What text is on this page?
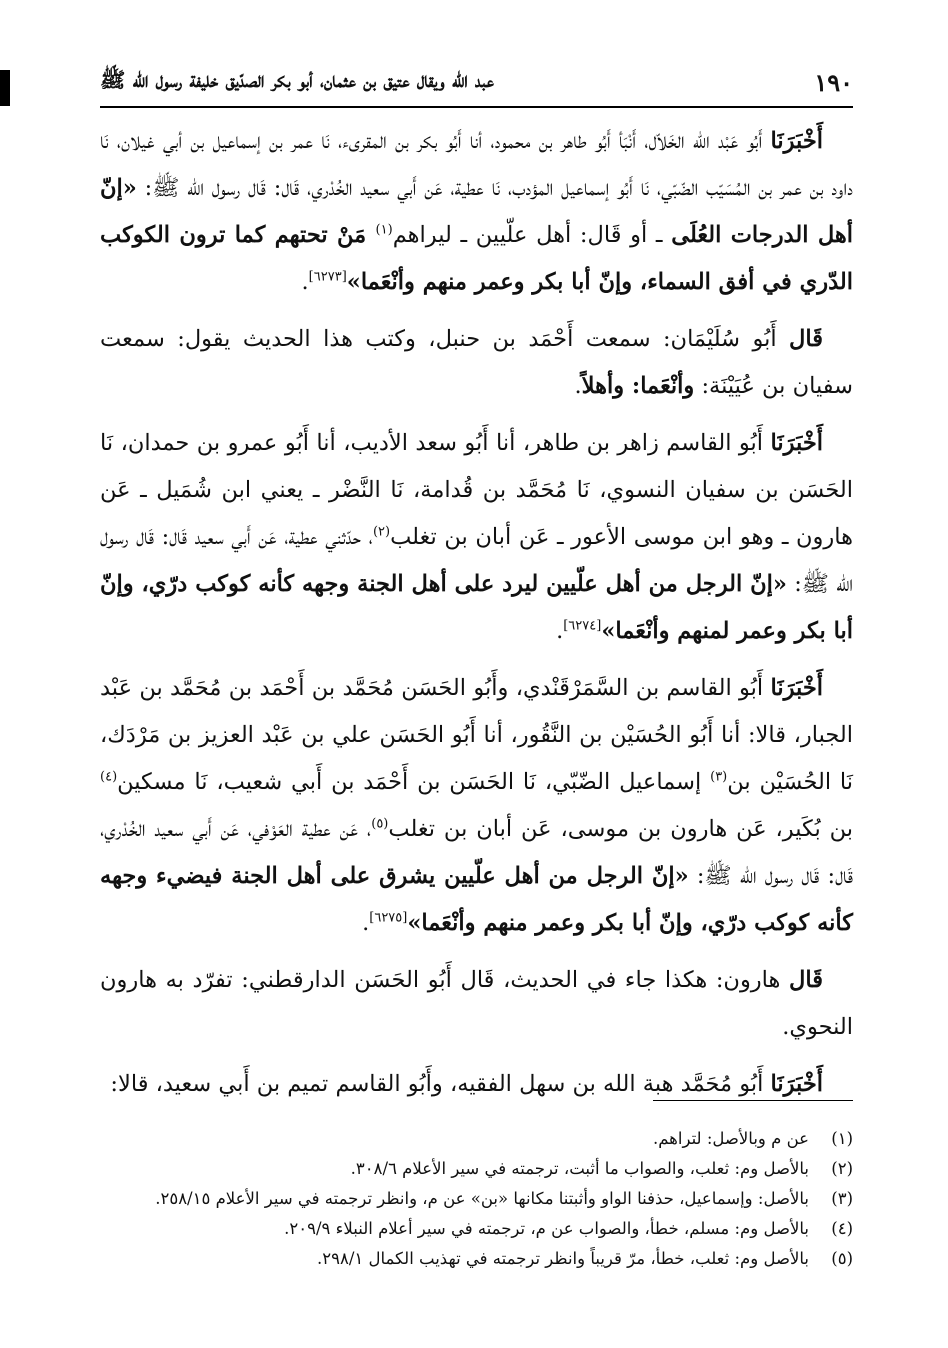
١٩٠
عبد الله ويقال عتيق بن عثمان، أبو بكر الصدّيق خليفة رسول الله ﷺ

أَخْبَرَنَا أَبُو عَبْد الله الخَلاّل، أَنْبَأ أَبُو طاهر بن محمود، أنا أَبُو بكر بن المقرىء، نَا عمر بن إسماعيل بن أبي غيلان، نَا داود بن عمر بن المُسَيّب الضّبّي، نَا أَبُو إسماعيل المؤدب، نَا عطية، عَن أَبي سعيد الخُدْري، قَال: قَال رسول الله ﷺ: «إنّ أهل الدرجات العُلَى ـ أو قَال: أهل علّيين ـ ليراهم$^{(١)}$ مَنْ تحتهم كما ترون الكوكب الدّري في أفق السماء، وإنّ أبا بكر وعمر منهم وأنْعَما»[٦٢٧٣].

قَال أَبُو سُلَيْمَان: سمعت أَحْمَد بن حنبل، وكتب هذا الحديث يقول: سمعت سفيان بن عُيَيْنَة: وأنْعَما: وأهلاً.

أَخْبَرَنَا أَبُو القاسم زاهر بن طاهر، أنا أَبُو سعد الأديب، أنا أَبُو عمرو بن حمدان، نَا الحَسَن بن سفيان النسوي، نَا مُحَمَّد بن قُدامة، نَا النَّضْر ـ يعني ابن شُمَيل ـ عَن هارون ـ وهو ابن موسى الأعور ـ عَن أبان بن تغلب$^{(٢)}$، حدّثني عطية، عَن أَبي سعيد قَال: قَال رسول الله ﷺ: «إنّ الرجل من أهل علّيين ليرد على أهل الجنة وجهه كأنه كوكب درّي، وإنّ أبا بكر وعمر لمنهم وأنْعَما»[٦٢٧٤].

أَخْبَرَنَا أَبُو القاسم بن السَّمَرْقَنْدي، وأَبُو الحَسَن مُحَمَّد بن أَحْمَد بن مُحَمَّد بن عَبْد الجبار، قالا: أنا أَبُو الحُسَيْن بن النَّقُور، أنا أَبُو الحَسَن علي بن عَبْد العزيز بن مَرْدَك، نَا الحُسَيْن بن$^{(٣)}$ إسماعيل الضّبّي، نَا الحَسَن بن أَحْمَد بن أَبي شعيب، نَا مسكين$^{(٤)}$ بن بُكَير، عَن هارون بن موسى، عَن أبان بن تغلب$^{(٥)}$، عَن عطية العَوْفي، عَن أَبي سعيد الخُدْري، قَال: قَال رسول الله ﷺ: «إنّ الرجل من أهل علّيين يشرق على أهل الجنة فيضيء وجهه كأنه كوكب درّي، وإنّ أبا بكر وعمر منهم وأنْعَما»[٦٢٧٥].

قَال هارون: هكذا جاء في الحديث، قَال أَبُو الحَسَن الدارقطني: تفرّد به هارون النحوي.

أَخْبَرَنَا أَبُو مُحَمَّد هبة الله بن سهل الفقيه، وأَبُو القاسم تميم بن أَبي سعيد، قالا:

(١)
عن م وبالأصل: لتراهم.
(٢)
بالأصل وم: ثعلب، والصواب ما أثبت، ترجمته في سير الأعلام ٣٠٨/٦.
(٣)
بالأصل: وإسماعيل، حذفنا الواو وأثبتنا مكانها «بن» عن م، وانظر ترجمته في سير الأعلام ٢٥٨/١٥.
(٤)
بالأصل وم: مسلم، خطأ، والصواب عن م، ترجمته في سير أعلام النبلاء ٢٠٩/٩.
(٥)
بالأصل وم: ثعلب، خطأ، مرّ قريباً وانظر ترجمته في تهذيب الكمال ٢٩٨/١.
